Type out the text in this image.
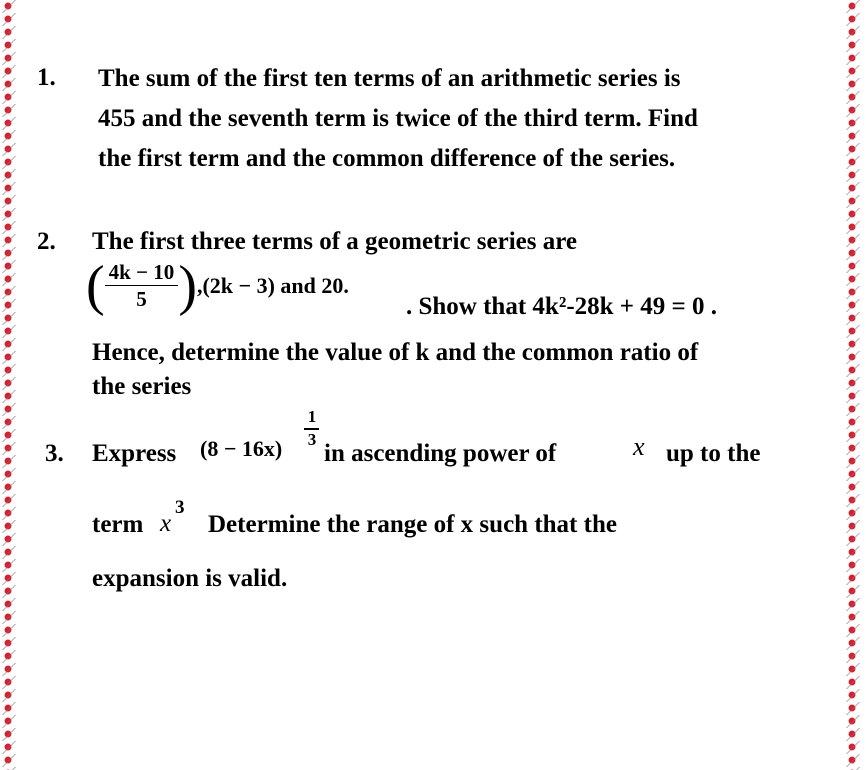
1. The sum of the first ten terms of an arithmetic series is
455 and the seventh term is twice of the third term. Find
the first term and the common difference of the series.
2. The first three terms of a geometric series are
( $\frac{4k - 10}{5} ),(2k - 3)$ and 20.
. Show that 4k²-28k + 49 = 0 .
Hence, determine the value of k and the common ratio of
the series
3. Express (8 − 16x)
1
3
in ascending power of	x up to the
term x
3
Determine the range of x such that the
expansion is valid.
